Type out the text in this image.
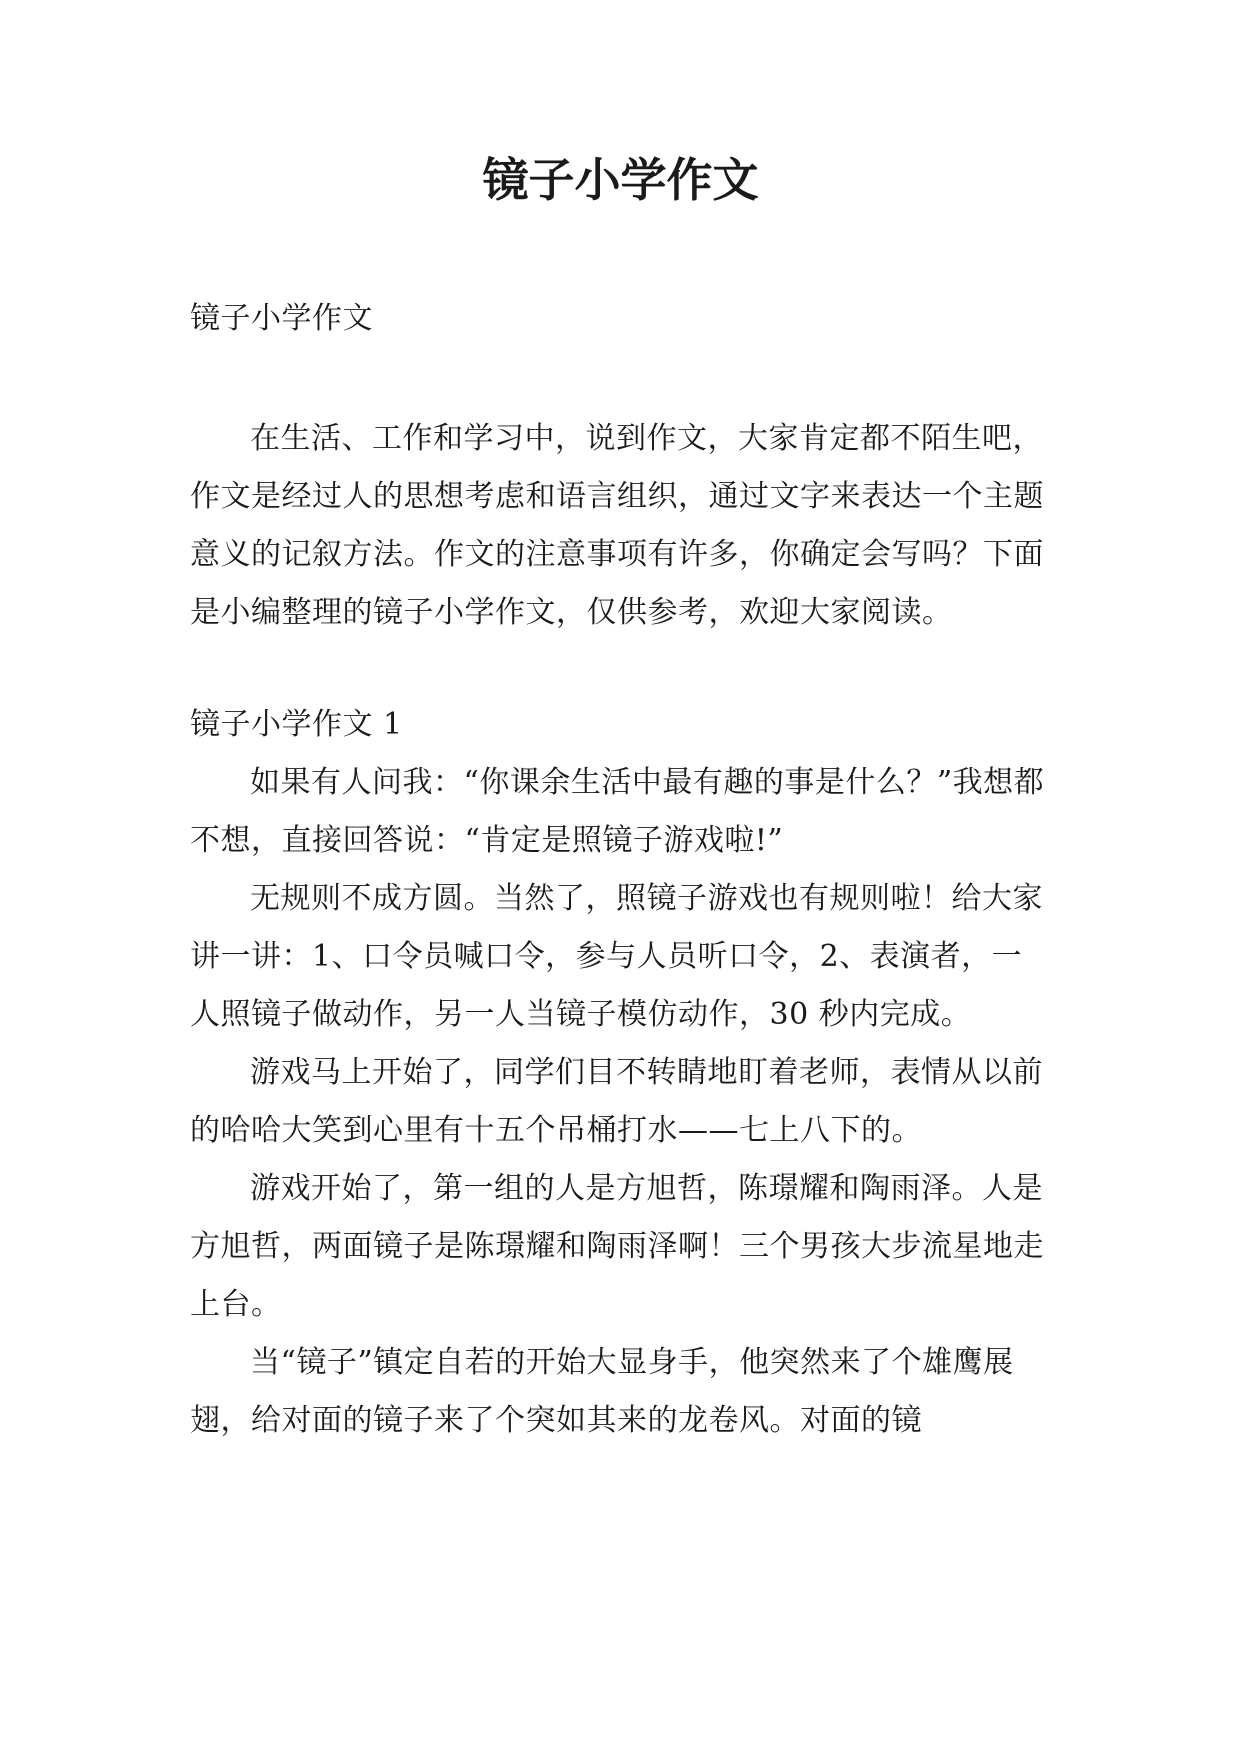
镜子小学作文

镜子小学作文

在生活、工作和学习中，说到作文，大家肯定都不陌生吧，作文是经过人的思想考虑和语言组织，通过文字来表达一个主题意义的记叙方法。作文的注意事项有许多，你确定会写吗？下面是小编整理的镜子小学作文，仅供参考，欢迎大家阅读。

镜子小学作文 1

如果有人问我：“你课余生活中最有趣的事是什么？”我想都不想，直接回答说：“肯定是照镜子游戏啦!”

无规则不成方圆。当然了，照镜子游戏也有规则啦！给大家讲一讲：1、口令员喊口令，参与人员听口令，2、表演者，一人照镜子做动作，另一人当镜子模仿动作，30 秒内完成。

游戏马上开始了，同学们目不转睛地盯着老师，表情从以前的哈哈大笑到心里有十五个吊桶打水——七上八下的。

游戏开始了，第一组的人是方旭哲，陈璟耀和陶雨泽。人是方旭哲，两面镜子是陈璟耀和陶雨泽啊！三个男孩大步流星地走上台。

当“镜子”镇定自若的开始大显身手，他突然来了个雄鹰展翅，给对面的镜子来了个突如其来的龙卷风。对面的镜
